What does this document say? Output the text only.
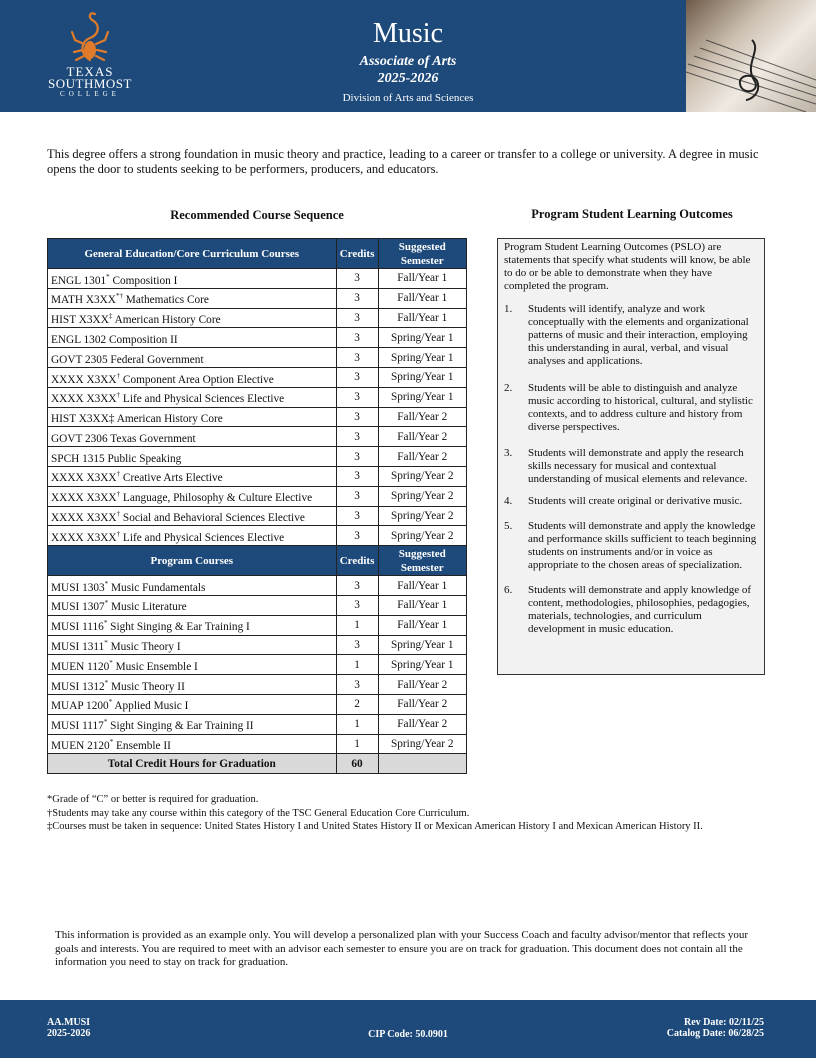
TEXAS
SOUTHMOST
COLLEGE
Music
Associate of Arts
2025-2026
Division of Arts and Sciences
This degree offers a strong foundation in music theory and practice, leading to a career or transfer to a college or university. A degree in music opens the door to students seeking to be performers, producers, and educators.
Recommended Course Sequence	Program Student Learning Outcomes
General Education/Core Curriculum Courses	Credits	Suggested Semester
ENGL 1301* Composition I	3	Fall/Year 1
MATH X3XX*† Mathematics Core	3	Fall/Year 1
HIST X3XX‡ American History Core	3	Fall/Year 1
ENGL 1302 Composition II	3	Spring/Year 1
GOVT 2305 Federal Government	3	Spring/Year 1
XXXX X3XX† Component Area Option Elective	3	Spring/Year 1
XXXX X3XX† Life and Physical Sciences Elective	3	Spring/Year 1
HIST X3XX‡ American History Core	3	Fall/Year 2
GOVT 2306 Texas Government	3	Fall/Year 2
SPCH 1315 Public Speaking	3	Fall/Year 2
XXXX X3XX† Creative Arts Elective	3	Spring/Year 2
XXXX X3XX† Language, Philosophy & Culture Elective	3	Spring/Year 2
XXXX X3XX† Social and Behavioral Sciences Elective	3	Spring/Year 2
XXXX X3XX† Life and Physical Sciences Elective	3	Spring/Year 2
Program Courses	Credits	Suggested Semester
MUSI 1303* Music Fundamentals	3	Fall/Year 1
MUSI 1307* Music Literature	3	Fall/Year 1
MUSI 1116* Sight Singing & Ear Training I	1	Fall/Year 1
MUSI 1311* Music Theory I	3	Spring/Year 1
MUEN 1120* Music Ensemble I	1	Spring/Year 1
MUSI 1312* Music Theory II	3	Fall/Year 2
MUAP 1200* Applied Music I	2	Fall/Year 2
MUSI 1117* Sight Singing & Ear Training II	1	Fall/Year 2
MUEN 2120* Ensemble II	1	Spring/Year 2
Total Credit Hours for Graduation	60	
Program Student Learning Outcomes (PSLO) are statements that specify what students will know, be able to do or be able to demonstrate when they have completed the program.
1. Students will identify, analyze and work conceptually with the elements and organizational patterns of music and their interaction, employing this understanding in aural, verbal, and visual analyses and applications.
2. Students will be able to distinguish and analyze music according to historical, cultural, and stylistic contexts, and to address culture and history from diverse perspectives.
3. Students will demonstrate and apply the research skills necessary for musical and contextual understanding of musical elements and relevance.
4. Students will create original or derivative music.
5. Students will demonstrate and apply the knowledge and performance skills sufficient to teach beginning students on instruments and/or in voice as appropriate to the chosen areas of specialization.
6. Students will demonstrate and apply knowledge of content, methodologies, philosophies, pedagogies, materials, technologies, and curriculum development in music education.
*Grade of “C” or better is required for graduation.
†Students may take any course within this category of the TSC General Education Core Curriculum.
‡Courses must be taken in sequence: United States History I and United States History II or Mexican American History I and Mexican American History II.
This information is provided as an example only. You will develop a personalized plan with your Success Coach and faculty advisor/mentor that reflects your goals and interests. You are required to meet with an advisor each semester to ensure you are on track for graduation. This document does not contain all the information you need to stay on track for graduation.
AA.MUSI
2025-2026	CIP Code: 50.0901
Rev Date: 02/11/25
Catalog Date: 06/28/25
